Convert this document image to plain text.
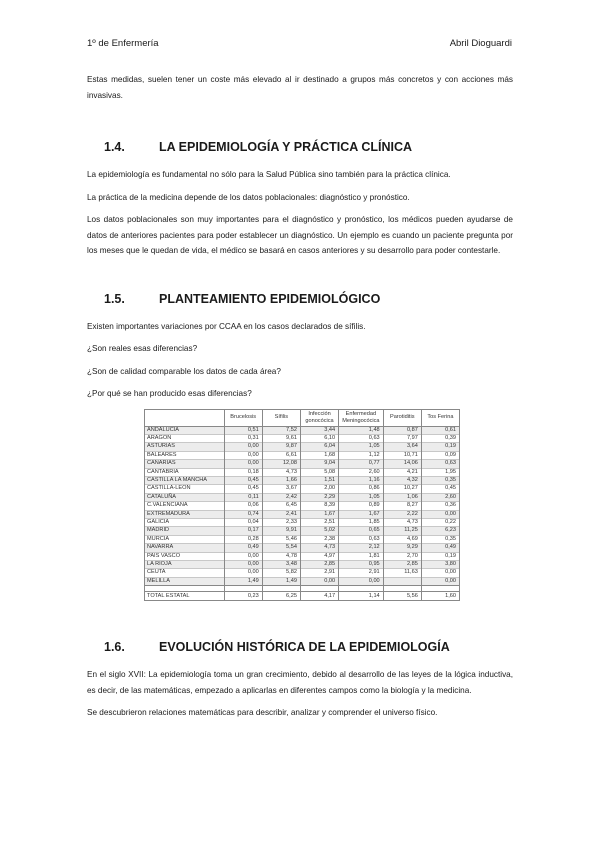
1º de Enfermería	Abril Dioguardi

Estas medidas, suelen tener un coste más elevado al ir destinado a grupos más concretos y con acciones más invasivas.

1.4.	LA EPIDEMIOLOGÍA Y PRÁCTICA CLÍNICA

La epidemiología es fundamental no sólo para la Salud Pública sino también para la práctica clínica.

La práctica de la medicina depende de los datos poblacionales: diagnóstico y pronóstico.

Los datos poblacionales son muy importantes para el diagnóstico y pronóstico, los médicos pueden ayudarse de datos de anteriores pacientes para poder establecer un diagnóstico. Un ejemplo es cuando un paciente pregunta por los meses que le quedan de vida, el médico se basará en casos anteriores y su desarrollo para poder contestarle.

1.5.	PLANTEAMIENTO EPIDEMIOLÓGICO

Existen importantes variaciones por CCAA en los casos declarados de sífilis.

¿Son reales esas diferencias?

¿Son de calidad comparable los datos de cada área?

¿Por qué se han producido esas diferencias?

	Brucelosis	Sífilis	Infección gonocócica	Enfermedad Meningocócica	Parotiditis	Tos Ferina
ANDALUCIA	0,51	7,52	3,44	1,48	0,87	0,61
ARAGON	0,31	9,61	6,10	0,63	7,97	0,39
ASTURIAS	0,00	9,87	6,04	1,05	3,64	0,19
BALEARES	0,00	6,61	1,68	1,12	10,71	0,09
CANARIAS	0,00	12,08	9,04	0,77	14,06	0,63
CANTABRIA	0,18	4,73	5,08	2,60	4,21	1,95
CASTILLA LA MANCHA	0,45	1,66	1,51	1,16	4,32	0,35
CASTILLA-LEON	0,45	3,67	2,00	0,86	10,27	0,45
CATALUÑA	0,11	2,42	2,29	1,05	1,06	2,60
C.VALENCIANA	0,06	6,45	8,39	0,89	8,27	0,36
EXTREMADURA	0,74	2,41	1,67	1,67	2,22	0,00
GALICIA	0,04	2,33	2,51	1,85	4,73	0,22
MADRID	0,17	9,91	5,02	0,65	11,25	6,23
MURCIA	0,28	5,46	2,38	0,63	4,69	0,35
NAVARRA	0,49	5,54	4,73	2,12	9,29	0,49
PAIS VASCO	0,00	4,78	4,97	1,81	2,70	0,19
LA RIOJA	0,00	3,48	2,85	0,95	2,85	3,80
CEUTA	0,00	5,82	2,91	2,91	11,63	0,00
MELILLA	1,49	1,49	0,00	0,00		0,00

TOTAL ESTATAL	0,23	6,25	4,17	1,14	5,56	1,60
1.6.	EVOLUCIÓN HISTÓRICA DE LA EPIDEMIOLOGÍA

En el siglo XVII: La epidemiología toma un gran crecimiento, debido al desarrollo de las leyes de la lógica inductiva, es decir, de las matemáticas, empezado a aplicarlas en diferentes campos como la biología y la medicina.

Se descubrieron relaciones matemáticas para describir, analizar y comprender el universo físico.
